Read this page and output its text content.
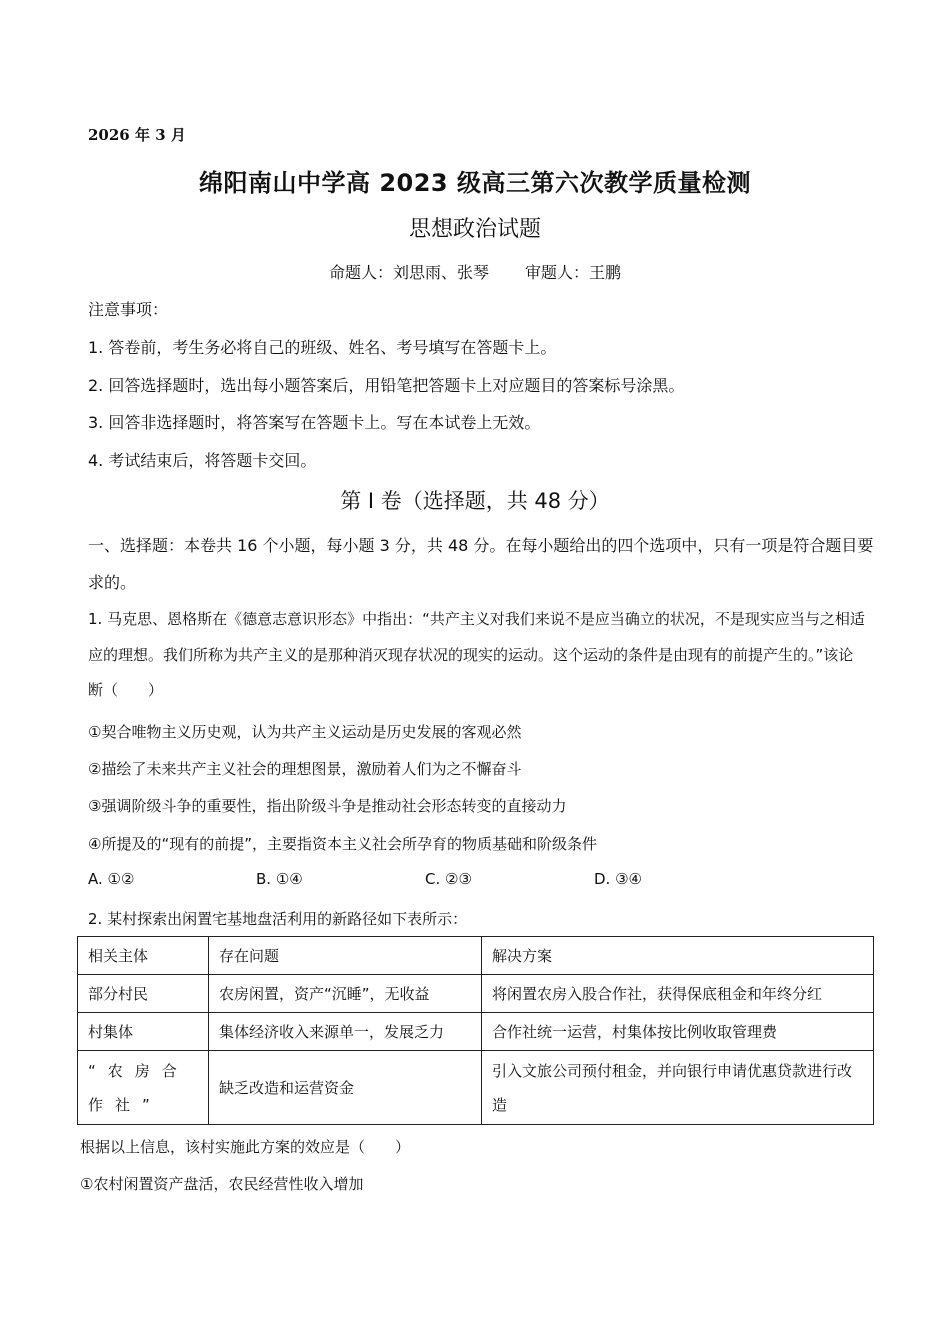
2026 年 3 月
绵阳南山中学高 2023 级高三第六次教学质量检测
思想政治试题
命题人：刘思雨、张琴 审题人：王鹏
注意事项：
1. 答卷前，考生务必将自己的班级、姓名、考号填写在答题卡上。
2. 回答选择题时，选出每小题答案后，用铅笔把答题卡上对应题目的答案标号涂黑。
3. 回答非选择题时，将答案写在答题卡上。写在本试卷上无效。
4. 考试结束后，将答题卡交回。
第 Ⅰ 卷（选择题，共 48 分）
一、选择题：本卷共 16 个小题，每小题 3 分，共 48 分。在每小题给出的四个选项中，只有一项是符合题目要求的。
1. 马克思、恩格斯在《德意志意识形态》中指出：“共产主义对我们来说不是应当确立的状况，不是现实应当与之相适应的理想。我们所称为共产主义的是那种消灭现存状况的现实的运动。这个运动的条件是由现有的前提产生的。”该论断（　　）
①契合唯物主义历史观，认为共产主义运动是历史发展的客观必然
②描绘了未来共产主义社会的理想图景，激励着人们为之不懈奋斗
③强调阶级斗争的重要性，指出阶级斗争是推动社会形态转变的直接动力
④所提及的“现有的前提”，主要指资本主义社会所孕育的物质基础和阶级条件
A. ①②	B. ①④	C. ②③	D. ③④
2. 某村探索出闲置宅基地盘活利用的新路径如下表所示：
相关主体	存在问题	解决方案
部分村民	农房闲置，资产“沉睡”，无收益	将闲置农房入股合作社，获得保底租金和年终分红
村集体	集体经济收入来源单一，发展乏力	合作社统一运营，村集体按比例收取管理费
“农房合作社”	缺乏改造和运营资金	引入文旅公司预付租金，并向银行申请优惠贷款进行改造
根据以上信息，该村实施此方案的效应是（　　）
①农村闲置资产盘活，农民经营性收入增加
